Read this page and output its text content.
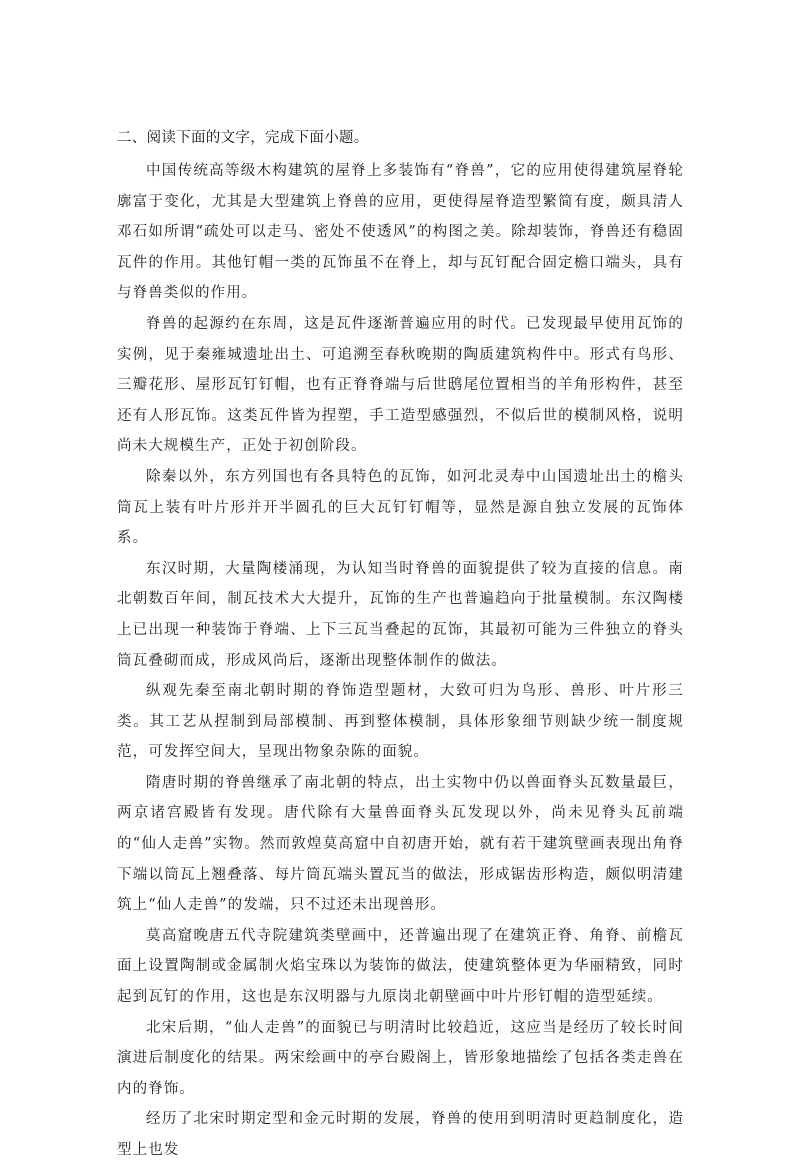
二、阅读下面的文字，完成下面小题。

中国传统高等级木构建筑的屋脊上多装饰有“脊兽”，它的应用使得建筑屋脊轮廓富于变化，尤其是大型建筑上脊兽的应用，更使得屋脊造型繁简有度，颇具清人邓石如所谓“疏处可以走马、密处不使透风”的构图之美。除却装饰，脊兽还有稳固瓦件的作用。其他钉帽一类的瓦饰虽不在脊上，却与瓦钉配合固定檐口端头，具有与脊兽类似的作用。

脊兽的起源约在东周，这是瓦件逐渐普遍应用的时代。已发现最早使用瓦饰的实例，见于秦雍城遗址出土、可追溯至春秋晚期的陶质建筑构件中。形式有鸟形、三瓣花形、屋形瓦钉钉帽，也有正脊脊端与后世鸱尾位置相当的羊角形构件，甚至还有人形瓦饰。这类瓦件皆为捏塑，手工造型感强烈，不似后世的模制风格，说明尚未大规模生产，正处于初创阶段。

除秦以外，东方列国也有各具特色的瓦饰，如河北灵寿中山国遗址出土的檐头筒瓦上装有叶片形并开半圆孔的巨大瓦钉钉帽等，显然是源自独立发展的瓦饰体系。

东汉时期，大量陶楼涌现，为认知当时脊兽的面貌提供了较为直接的信息。南北朝数百年间，制瓦技术大大提升，瓦饰的生产也普遍趋向于批量模制。东汉陶楼上已出现一种装饰于脊端、上下三瓦当叠起的瓦饰，其最初可能为三件独立的脊头筒瓦叠砌而成，形成风尚后，逐渐出现整体制作的做法。

纵观先秦至南北朝时期的脊饰造型题材，大致可归为鸟形、兽形、叶片形三类。其工艺从捏制到局部模制、再到整体模制，具体形象细节则缺少统一制度规范，可发挥空间大，呈现出物象杂陈的面貌。

隋唐时期的脊兽继承了南北朝的特点，出土实物中仍以兽面脊头瓦数量最巨，两京诸宫殿皆有发现。唐代除有大量兽面脊头瓦发现以外，尚未见脊头瓦前端的“仙人走兽”实物。然而敦煌莫高窟中自初唐开始，就有若干建筑壁画表现出角脊下端以筒瓦上翘叠落、每片筒瓦端头置瓦当的做法，形成锯齿形构造，颇似明清建筑上“仙人走兽”的发端，只不过还未出现兽形。

莫高窟晚唐五代寺院建筑类壁画中，还普遍出现了在建筑正脊、角脊、前檐瓦面上设置陶制或金属制火焰宝珠以为装饰的做法，使建筑整体更为华丽精致，同时起到瓦钉的作用，这也是东汉明器与九原岗北朝壁画中叶片形钉帽的造型延续。

北宋后期，“仙人走兽”的面貌已与明清时比较趋近，这应当是经历了较长时间演进后制度化的结果。两宋绘画中的亭台殿阁上，皆形象地描绘了包括各类走兽在内的脊饰。

经历了北宋时期定型和金元时期的发展，脊兽的使用到明清时更趋制度化，造型上也发
